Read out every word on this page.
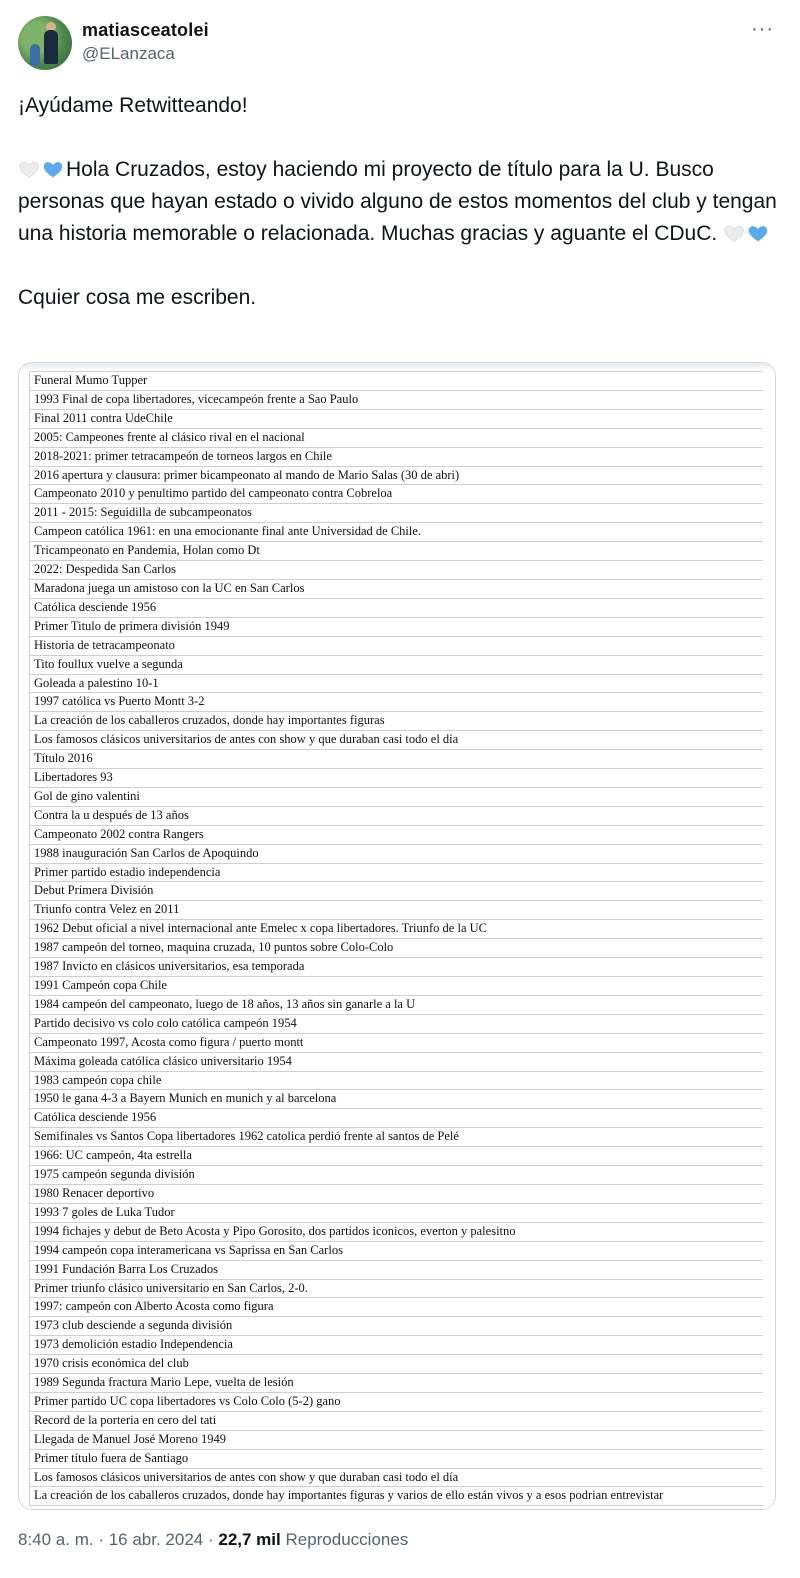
matiasceatolei
@ELanzaca
···

¡Ayúdame Retwitteando!

Hola Cruzados, estoy haciendo mi proyecto de título para la U. Busco personas que hayan estado o vivido alguno de estos momentos del club y tengan una historia memorable o relacionada. Muchas gracias y aguante el CDuC.

Cquier cosa me escriben.

Funeral Mumo Tupper
1993 Final de copa libertadores, vicecampeón frente a Sao Paulo
Final 2011 contra UdeChile
2005: Campeones frente al clásico rival en el nacional
2018-2021: primer tetracampeón de torneos largos en Chile
2016 apertura y clausura: primer bicampeonato al mando de Mario Salas (30 de abri)
Campeonato 2010 y penultimo partido del campeonato contra Cobreloa
2011 - 2015: Seguidilla de subcampeonatos
Campeon católica 1961: en una emocionante final ante Universidad de Chile.
Tricampeonato en Pandemia, Holan como Dt
2022: Despedida San Carlos
Maradona juega un amistoso con la UC en San Carlos
Católica desciende 1956
Primer Titulo de primera división 1949
Historia de tetracampeonato
Tito foullux vuelve a segunda
Goleada a palestino 10-1
1997 católica vs Puerto Montt 3-2
La creación de los caballeros cruzados, donde hay importantes figuras
Los famosos clásicos universitarios de antes con show y que duraban casi todo el día
Título 2016
Libertadores 93
Gol de gino valentini
Contra la u después de 13 años
Campeonato 2002 contra Rangers
1988 inauguración San Carlos de Apoquindo
Primer partido estadio independencia
Debut Primera División
Triunfo contra Velez en 2011
1962 Debut oficial a nivel internacional ante Emelec x copa libertadores. Triunfo de la UC
1987 campeón del torneo, maquina cruzada, 10 puntos sobre Colo-Colo
1987 Invicto en clásicos universitarios, esa temporada
1991 Campeón copa Chile
1984 campeón del campeonato, luego de 18 años, 13 años sin ganarle a la U
Partido decisivo vs colo colo católica campeón 1954
Campeonato 1997, Acosta como figura / puerto montt
Máxima goleada católica clásico universitario 1954
1983 campeón copa chile
1950 le gana 4-3 a Bayern Munich en munich y al barcelona
Católica desciende 1956
Semifinales vs Santos Copa libertadores 1962 catolica perdió frente al santos de Pelé
1966: UC campeón, 4ta estrella
1975 campeón segunda división
1980 Renacer deportivo
1993 7 goles de Luka Tudor
1994 fichajes y debut de Beto Acosta y Pipo Gorosito, dos partidos iconicos, everton y palesitno
1994 campeón copa interamericana vs Saprissa en San Carlos
1991 Fundación Barra Los Cruzados
Primer triunfo clásico universitario en San Carlos, 2-0.
1997: campeón con Alberto Acosta como figura
1973 club desciende a segunda división
1973 demolición estadio Independencia
1970 crisis económica del club
1989 Segunda fractura Mario Lepe, vuelta de lesión
Primer partido UC copa libertadores vs Colo Colo (5-2) gano
Record de la porteria en cero del tati
Llegada de Manuel José Moreno 1949
Primer título fuera de Santiago
Los famosos clásicos universitarios de antes con show y que duraban casi todo el día
La creación de los caballeros cruzados, donde hay importantes figuras y varios de ello están vivos y a esos podrian entrevistar
8:40 a. m. · 16 abr. 2024 · 22,7 mil Reproducciones
